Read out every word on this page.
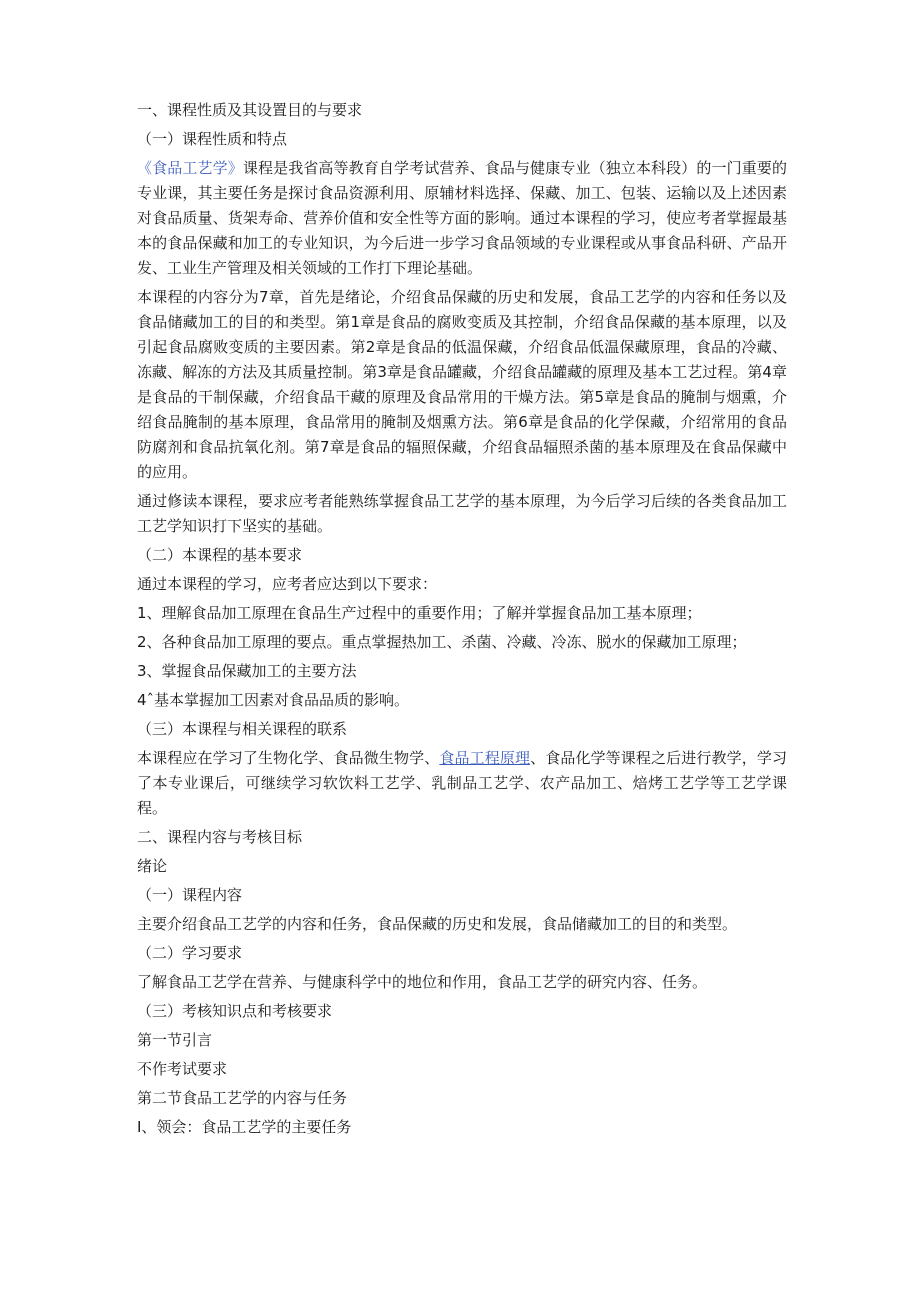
一、课程性质及其设置目的与要求
（一）课程性质和特点
《食品工艺学》课程是我省高等教育自学考试营养、食品与健康专业（独立本科段）的一门重要的专业课，其主要任务是探讨食品资源利用、原辅材料选择、保藏、加工、包装、运输以及上述因素对食品质量、货架寿命、营养价值和安全性等方面的影响。通过本课程的学习，使应考者掌握最基本的食品保藏和加工的专业知识，为今后进一步学习食品领域的专业课程或从事食品科研、产品开发、工业生产管理及相关领域的工作打下理论基础。
本课程的内容分为7章，首先是绪论，介绍食品保藏的历史和发展，食品工艺学的内容和任务以及食品储藏加工的目的和类型。第1章是食品的腐败变质及其控制，介绍食品保藏的基本原理，以及引起食品腐败变质的主要因素。第2章是食品的低温保藏，介绍食品低温保藏原理，食品的冷藏、冻藏、解冻的方法及其质量控制。第3章是食品罐藏，介绍食品罐藏的原理及基本工艺过程。第4章是食品的干制保藏，介绍食品干藏的原理及食品常用的干燥方法。第5章是食品的腌制与烟熏，介绍食品腌制的基本原理，食品常用的腌制及烟熏方法。第6章是食品的化学保藏，介绍常用的食品防腐剂和食品抗氧化剂。第7章是食品的辐照保藏，介绍食品辐照杀菌的基本原理及在食品保藏中的应用。
通过修读本课程，要求应考者能熟练掌握食品工艺学的基本原理，为今后学习后续的各类食品加工工艺学知识打下坚实的基础。
（二）本课程的基本要求
通过本课程的学习，应考者应达到以下要求：
1、理解食品加工原理在食品生产过程中的重要作用；了解并掌握食品加工基本原理；
2、各种食品加工原理的要点。重点掌握热加工、杀菌、冷藏、冷冻、脱水的保藏加工原理；
3、掌握食品保藏加工的主要方法
4ˆ基本掌握加工因素对食品品质的影响。
（三）本课程与相关课程的联系
本课程应在学习了生物化学、食品微生物学、食品工程原理、食品化学等课程之后进行教学，学习了本专业课后，可继续学习软饮料工艺学、乳制品工艺学、农产品加工、焙烤工艺学等工艺学课程。
二、课程内容与考核目标
绪论
（一）课程内容
主要介绍食品工艺学的内容和任务，食品保藏的历史和发展，食品储藏加工的目的和类型。
（二）学习要求
了解食品工艺学在营养、与健康科学中的地位和作用，食品工艺学的研究内容、任务。
（三）考核知识点和考核要求
第一节引言
不作考试要求
第二节食品工艺学的内容与任务
I、领会：食品工艺学的主要任务
